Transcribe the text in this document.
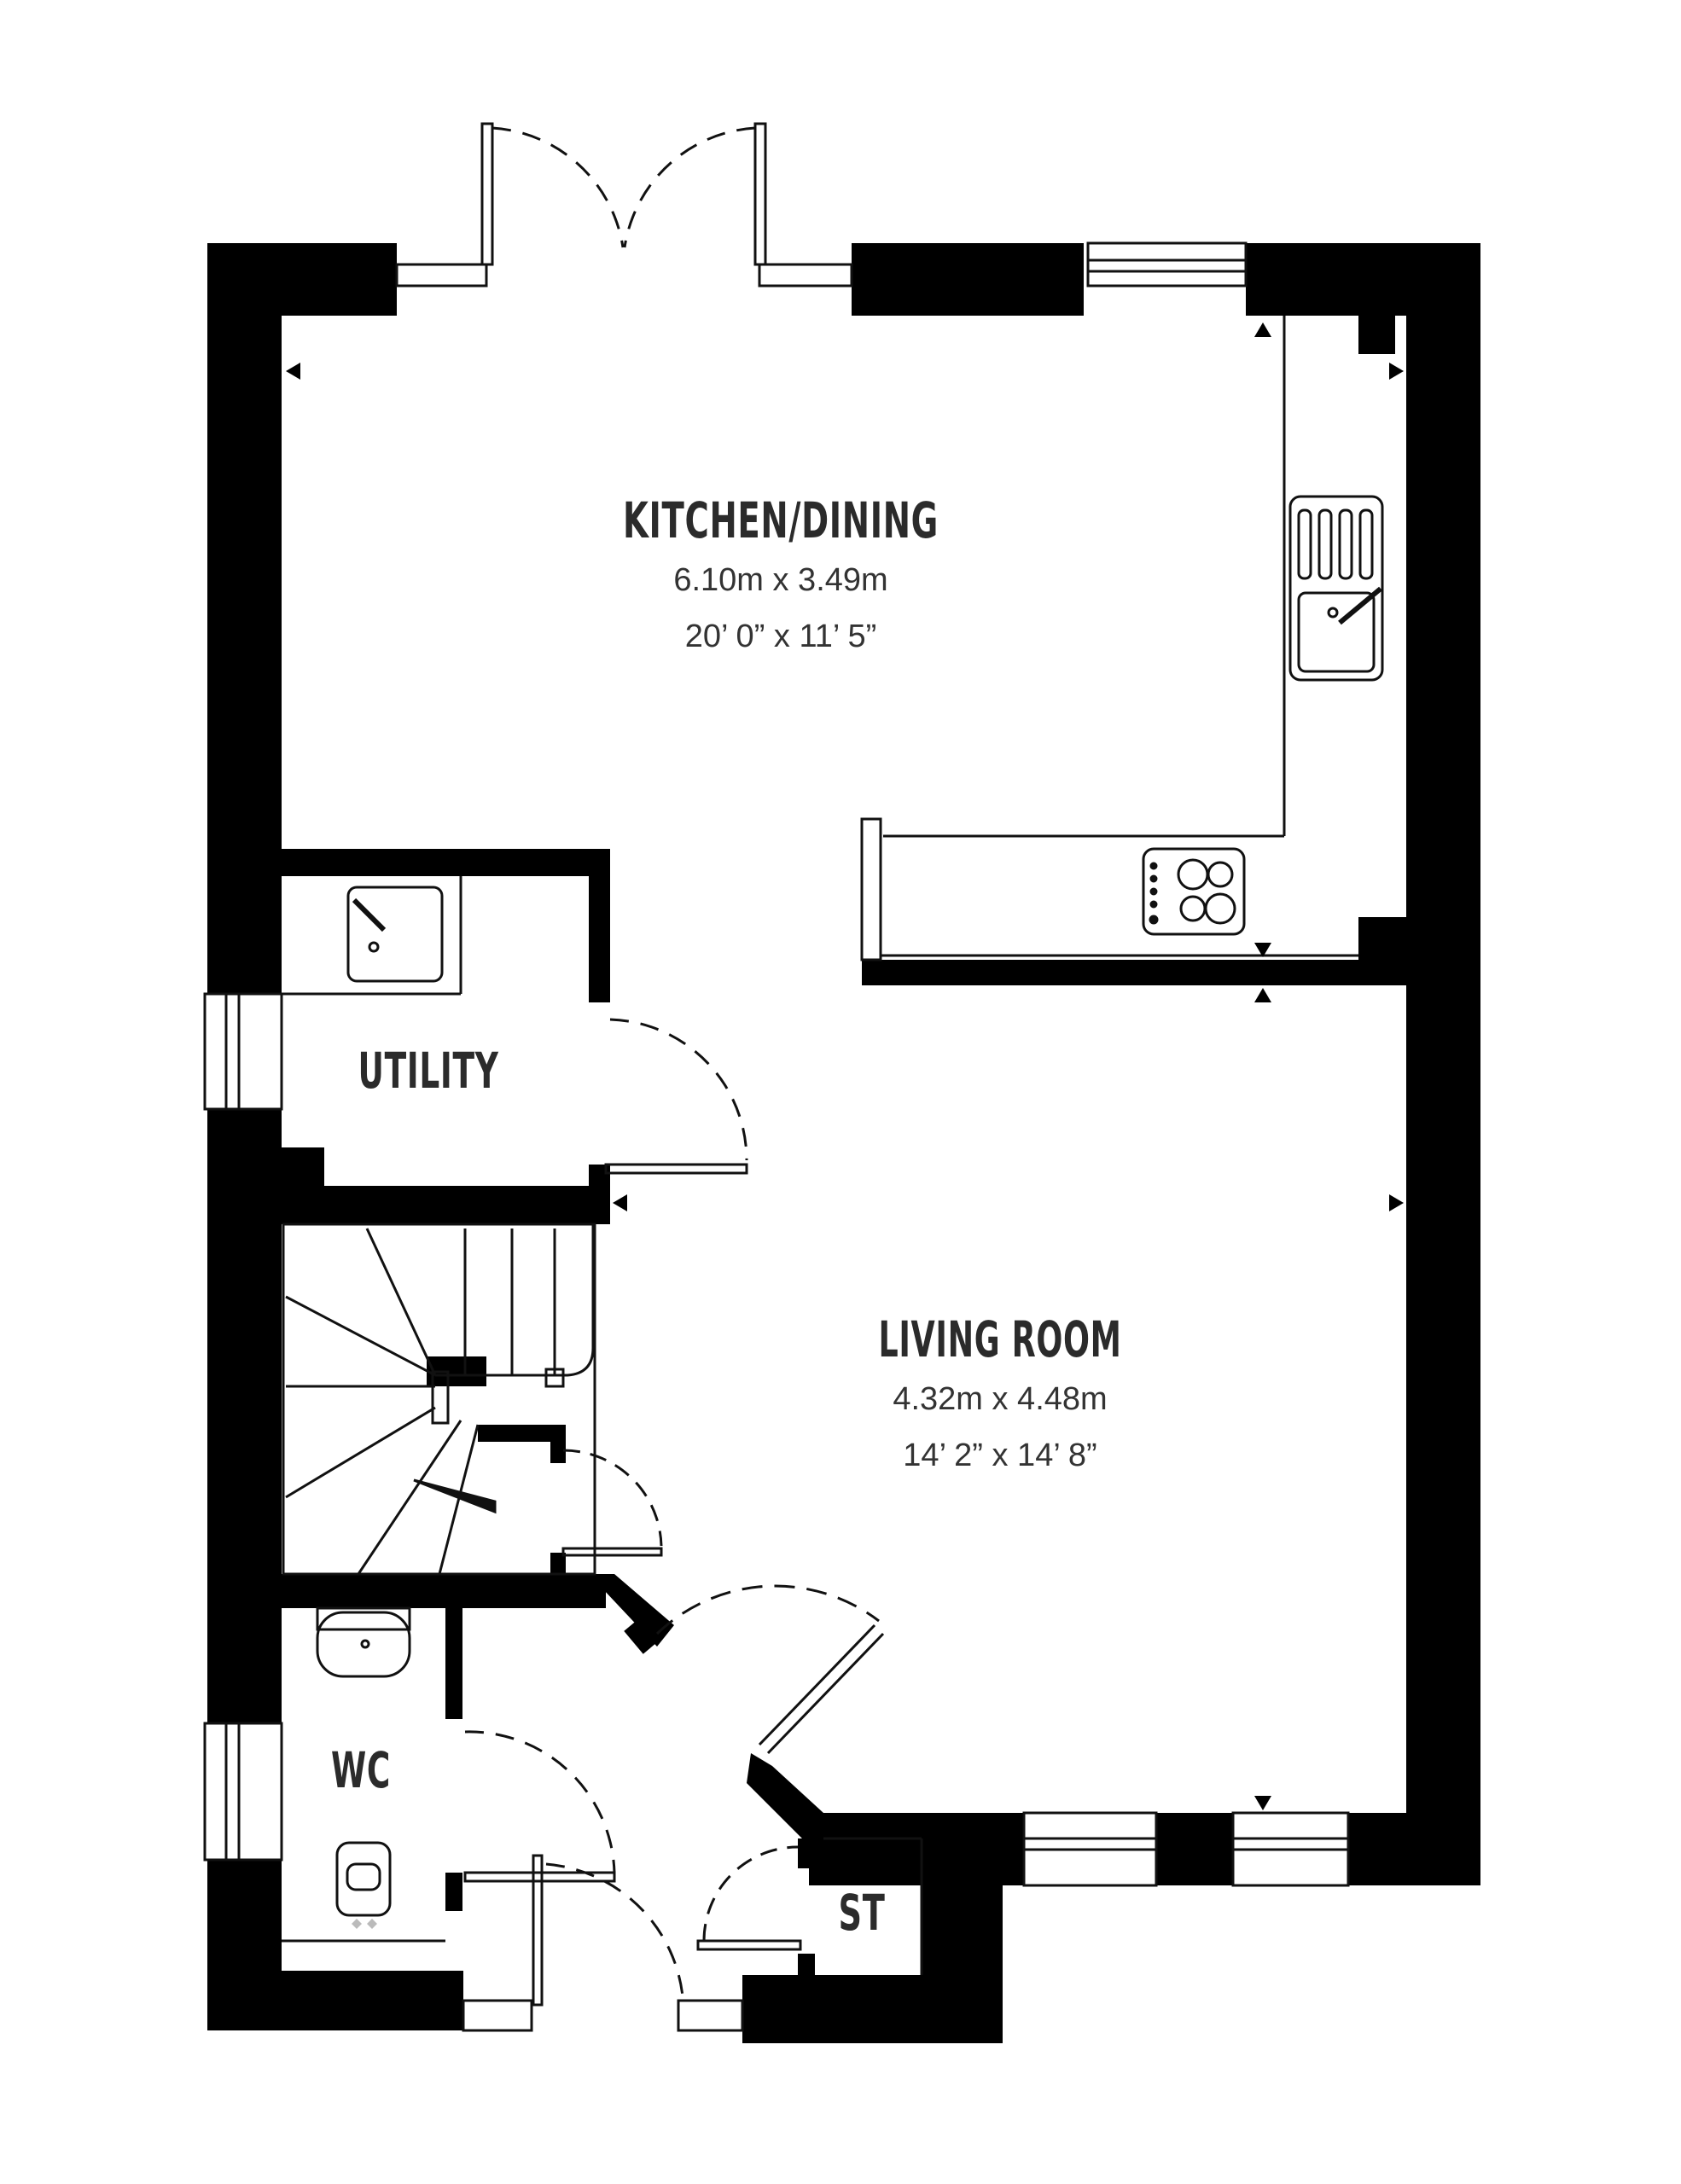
KITCHEN/DINING
6.10m x 3.49m
20’ 0” x 11’ 5”
UTILITY
LIVING ROOM
4.32m x 4.48m
14’ 2” x 14’ 8”
WC
ST
